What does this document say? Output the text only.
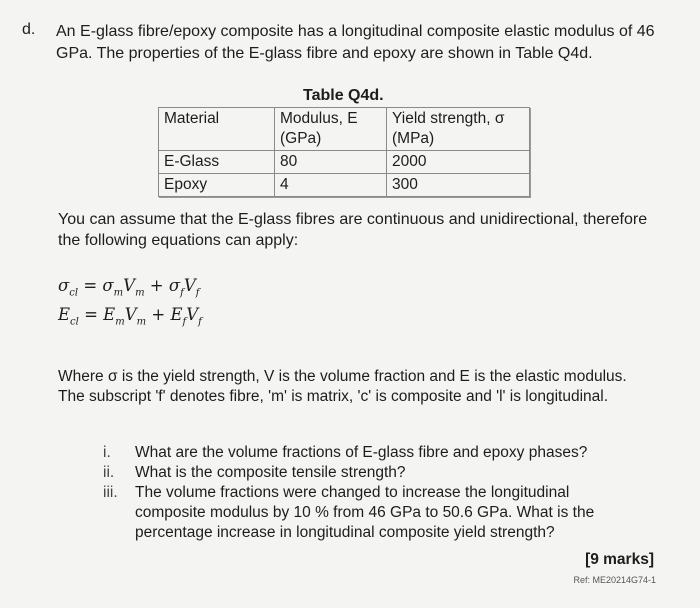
d. An E-glass fibre/epoxy composite has a longitudinal composite elastic modulus of 46 GPa. The properties of the E-glass fibre and epoxy are shown in Table Q4d.
Table Q4d.
Material	Modulus, E (GPa)	Yield strength, σ (MPa)
E-Glass	80	2000
Epoxy	4	300
You can assume that the E-glass fibres are continuous and unidirectional, therefore the following equations can apply:
$\sigma_{cl} = \sigma_mV_m + \sigma_fV_f$
$E_{cl} = E_mV_m + E_fV_f$
Where σ is the yield strength, V is the volume fraction and E is the elastic modulus. The subscript 'f' denotes fibre, 'm' is matrix, 'c' is composite and 'l' is longitudinal.
i.	What are the volume fractions of E-glass fibre and epoxy phases?
ii.	What is the composite tensile strength?
iii.	The volume fractions were changed to increase the longitudinal composite modulus by 10 % from 46 GPa to 50.6 GPa. What is the percentage increase in longitudinal composite yield strength?
[9 marks]
Ref: ME20214G74-1
